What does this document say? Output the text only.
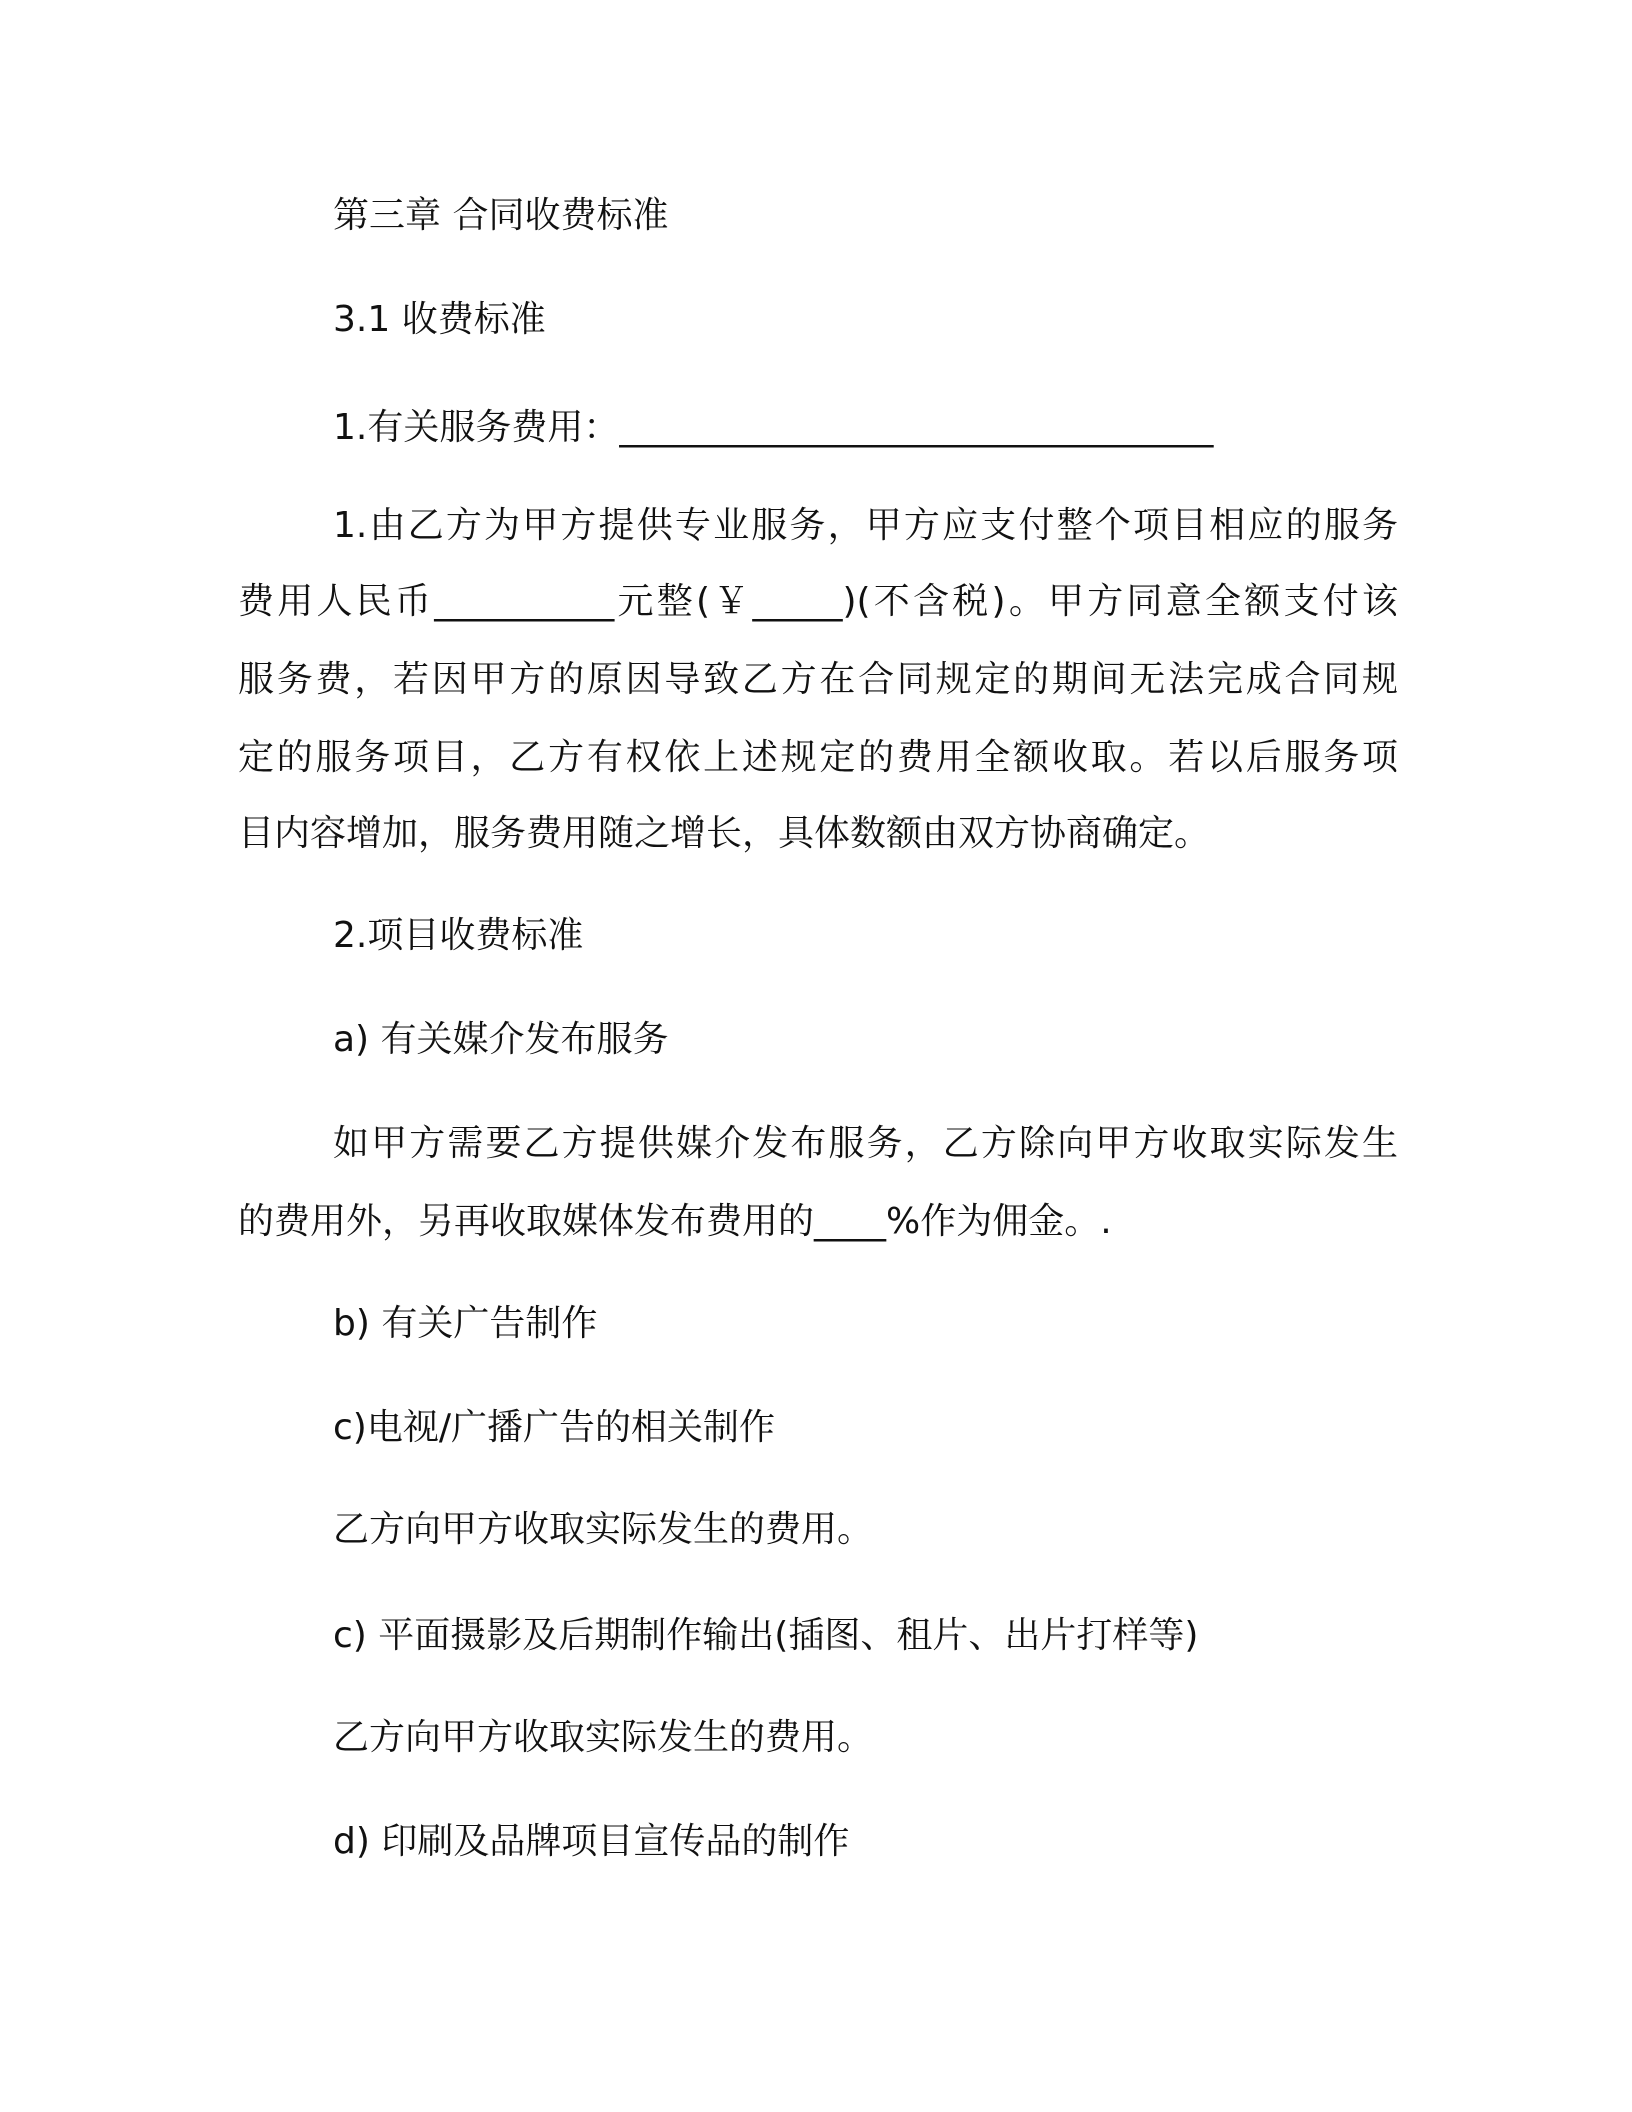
第三章 合同收费标准
3.1 收费标准
1.有关服务费用：_________________________________
1.由乙方为甲方提供专业服务，甲方应支付整个项目相应的服务
费用人民币__________元整(￥_____)(不含税)。甲方同意全额支付该
服务费，若因甲方的原因导致乙方在合同规定的期间无法完成合同规
定的服务项目，乙方有权依上述规定的费用全额收取。若以后服务项
目内容增加，服务费用随之增长，具体数额由双方协商确定。
2.项目收费标准
a) 有关媒介发布服务
如甲方需要乙方提供媒介发布服务，乙方除向甲方收取实际发生
的费用外，另再收取媒体发布费用的____%作为佣金。.
b) 有关广告制作
c)电视/广播广告的相关制作
乙方向甲方收取实际发生的费用。
c) 平面摄影及后期制作输出(插图、租片、出片打样等)
乙方向甲方收取实际发生的费用。
d) 印刷及品牌项目宣传品的制作
